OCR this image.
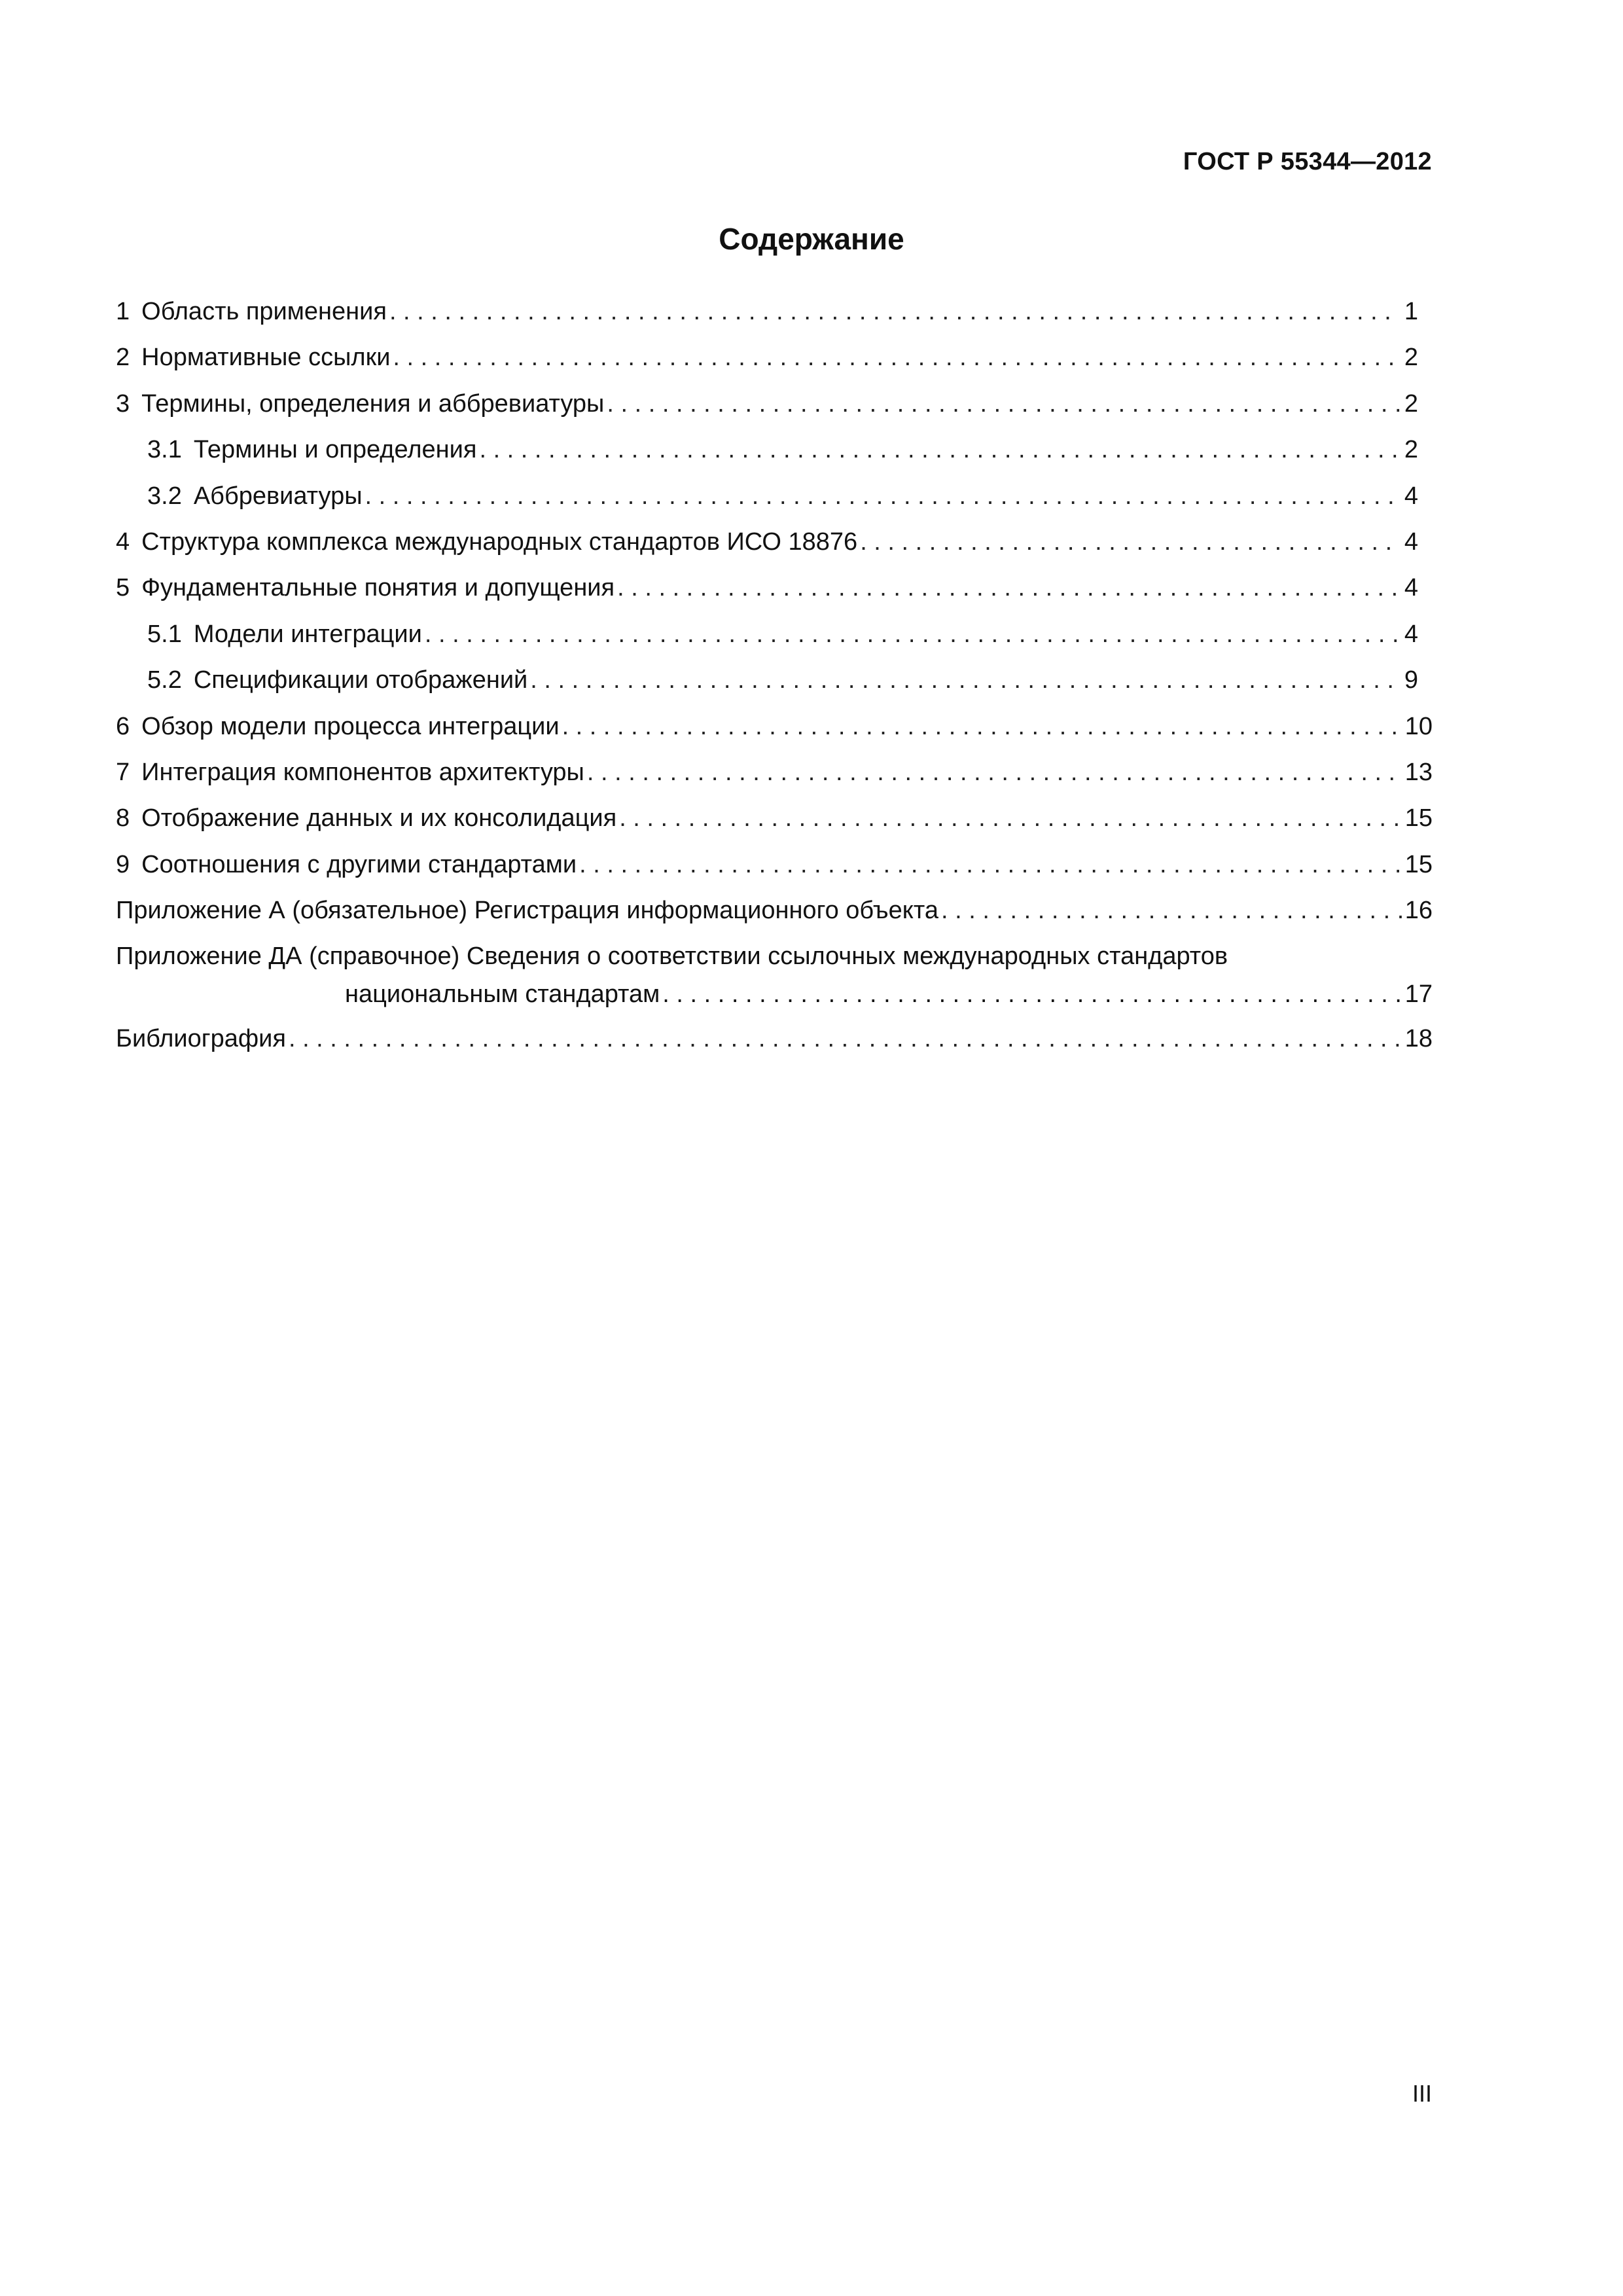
ГОСТ Р 55344—2012
Содержание
1 Область применения . . .	1
2 Нормативные ссылки . . .	2
3 Термины, определения и аббревиатуры . . .	2
3.1 Термины и определения . . .	2
3.2 Аббревиатуры . . .	4
4 Структура комплекса международных стандартов ИСО 18876 . . .	4
5 Фундаментальные понятия и допущения . . .	4
5.1 Модели интеграции . . .	4
5.2 Спецификации отображений . . .	9
6 Обзор модели процесса интеграции . . .	10
7 Интеграция компонентов архитектуры . . .	13
8 Отображение данных и их консолидация . . .	15
9 Соотношения с другими стандартами . . .	15
Приложение А (обязательное) Регистрация информационного объекта . . .	16
Приложение ДА (справочное) Сведения о соответствии ссылочных международных стандартов
национальным стандартам . . .	17
Библиография . . .	18
III
